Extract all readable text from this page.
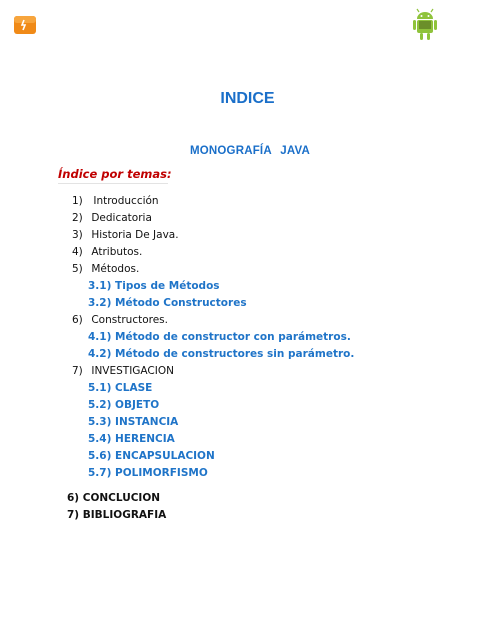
INDICE
MONOGRAFÍA JAVA
Índice por temas:
1) Introducción
2) Dedicatoria
3) Historia De Java.
4) Atributos.
5) Métodos.
3.1) Tipos de Métodos
3.2) Método Constructores
6) Constructores.
4.1) Método de constructor con parámetros.
4.2) Método de constructores sin parámetro.
7) INVESTIGACION
5.1) CLASE
5.2) OBJETO
5.3) INSTANCIA
5.4) HERENCIA
5.6) ENCAPSULACION
5.7) POLIMORFISMO
6) CONCLUCION
7) BIBLIOGRAFIA
